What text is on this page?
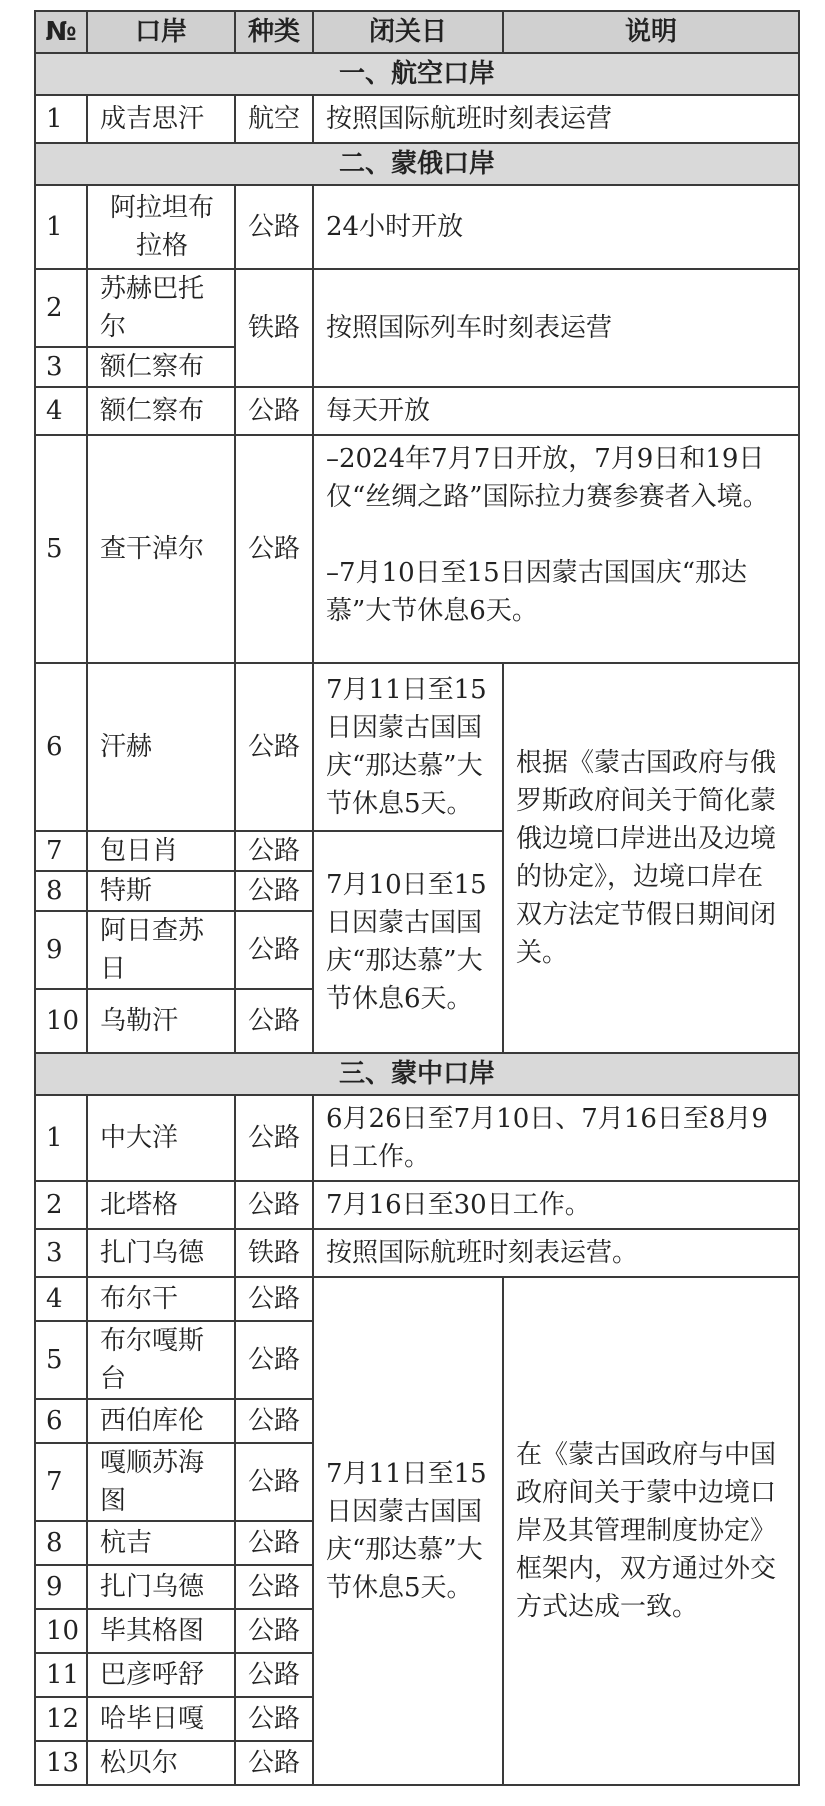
№	口岸	种类	闭关日	说明
一、航空口岸				
1	成吉思汗	航空	按照国际航班时刻表运营	
二、蒙俄口岸				
1	阿拉坦布拉格	公路	24小时开放	
2	苏赫巴托尔	铁路	按照国际列车时刻表运营	
3	额仁察布			
4	额仁察布	公路	每天开放	
5	查干淖尔	公路	–2024年7月7日开放，7月9日和19日仅“丝绸之路”国际拉力赛参赛者入境。
–7月10日至15日因蒙古国国庆“那达慕”大节休息6天。	

6	汗赫	公路	7月11日至15日因蒙古国国庆“那达慕”大节休息5天。	根据《蒙古国政府与俄罗斯政府间关于简化蒙俄边境口岸进出及边境的协定》，边境口岸在双方法定节假日期间闭关。
7	包日肖	公路	7月10日至15日因蒙古国国庆“那达慕”大节休息6天。	
8	特斯	公路		
9	阿日查苏日	公路		
10	乌勒汗	公路		
三、蒙中口岸				
1	中大洋	公路	6月26日至7月10日、7月16日至8月9日工作。	
2	北塔格	公路	7月16日至30日工作。	
3	扎门乌德	铁路	按照国际航班时刻表运营。	
4	布尔干	公路	7月11日至15日因蒙古国国庆“那达慕”大节休息5天。	在《蒙古国政府与中国政府间关于蒙中边境口岸及其管理制度协定》框架内，双方通过外交方式达成一致。
5	布尔嘎斯台	公路		
6	西伯库伦	公路		
7	嘎顺苏海图	公路		
8	杭吉	公路		
9	扎门乌德	公路		
10	毕其格图	公路		
11	巴彦呼舒	公路		
12	哈毕日嘎	公路		
13	松贝尔	公路		
